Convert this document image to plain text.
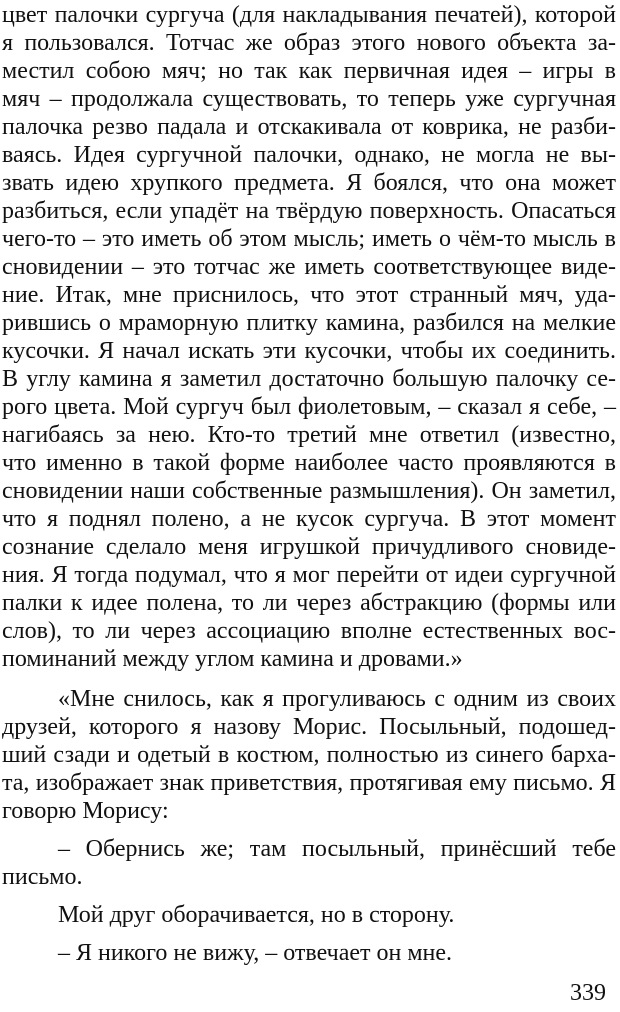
цвет палочки сургуча (для накладывания печатей), которой
я пользовался. Тотчас же образ этого нового объекта за-
местил собою мяч; но так как первичная идея – игры в
мяч – продолжала существовать, то теперь уже сургучная
палочка резво падала и отскакивала от коврика, не разби-
ваясь. Идея сургучной палочки, однако, не могла не вы-
звать идею хрупкого предмета. Я боялся, что она может
разбиться, если упадёт на твёрдую поверхность. Опасаться
чего-то – это иметь об этом мысль; иметь о чём-то мысль в
сновидении – это тотчас же иметь соответствующее виде-
ние. Итак, мне приснилось, что этот странный мяч, уда-
рившись о мраморную плитку камина, разбился на мелкие
кусочки. Я начал искать эти кусочки, чтобы их соединить.
В углу камина я заметил достаточно большую палочку се-
рого цвета. Мой сургуч был фиолетовым, – сказал я себе, –
нагибаясь за нею. Кто-то третий мне ответил (известно,
что именно в такой форме наиболее часто проявляются в
сновидении наши собственные размышления). Он заметил,
что я поднял полено, а не кусок сургуча. В этот момент
сознание сделало меня игрушкой причудливого сновиде-
ния. Я тогда подумал, что я мог перейти от идеи сургучной
палки к идее полена, то ли через абстракцию (формы или
слов), то ли через ассоциацию вполне естественных вос-
поминаний между углом камина и дровами.»
«Мне снилось, как я прогуливаюсь с одним из своих
друзей, которого я назову Морис. Посыльный, подошед-
ший сзади и одетый в костюм, полностью из синего барха-
та, изображает знак приветствия, протягивая ему письмо. Я
говорю Морису:
– Обернись же; там посыльный, принёсший тебе
письмо.
Мой друг оборачивается, но в сторону.
– Я никого не вижу, – отвечает он мне.
339
